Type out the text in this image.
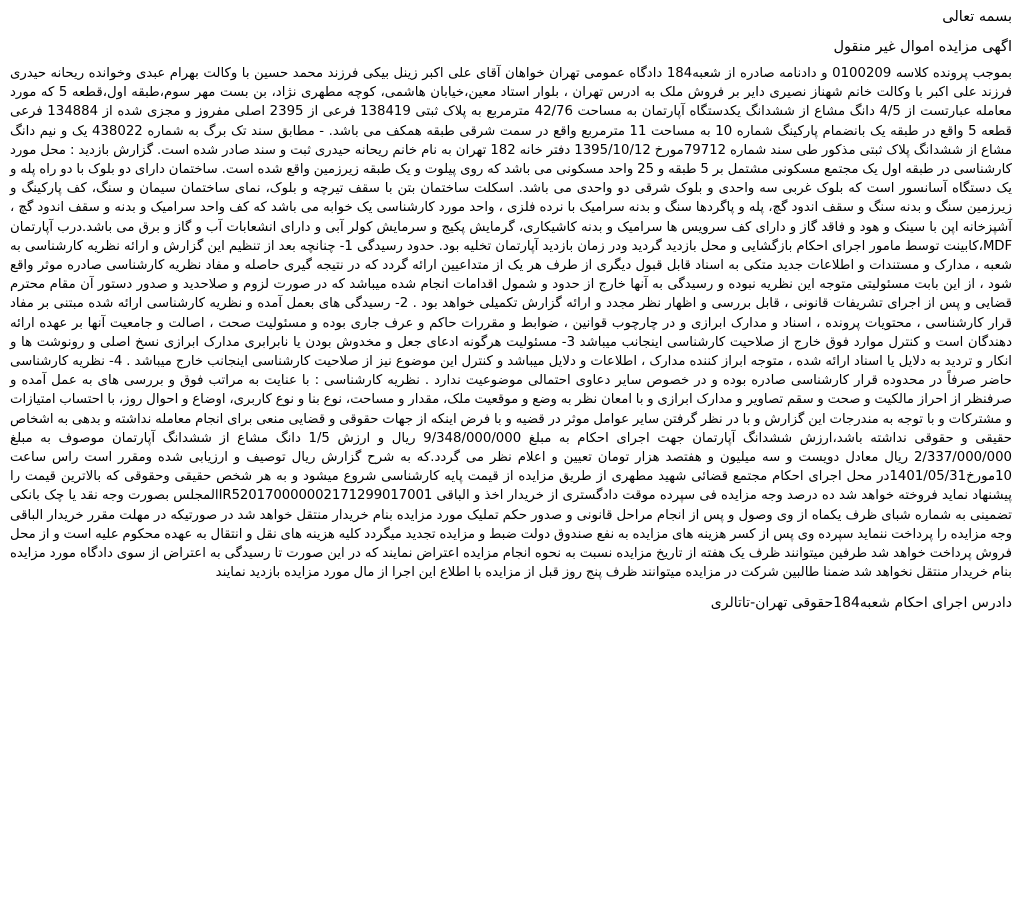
بسمه تعالی

اگهی مزایده اموال غیر منقول

بموجب پرونده کلاسه 0100209 و دادنامه صادره از شعبه184 دادگاه عمومی تهران خواهان آقای علی اکبر زینل بیکی فرزند محمد حسین با وکالت بهرام عبدی وخوانده ریحانه حیدری فرزند علی اکبر با وکالت خانم شهناز نصیری دایر بر فروش ملک به ادرس تهران ، بلوار استاد معین،خیابان هاشمی، کوچه مطهری نژاد، بن بست مهر سوم،طبقه اول،قطعه 5 که مورد معامله عبارتست از 4/5 دانگ مشاع از ششدانگ یکدستگاه آپارتمان به مساحت 42/76 مترمربع به پلاک ثبتی 138419 فرعی از 2395 اصلی مفروز و مجزی شده از 134884 فرعی قطعه 5 واقع در طبقه یک بانضمام پارکینگ شماره 10 به مساحت 11 مترمربع واقع در سمت شرقی طبقه همکف می باشد. - مطابق سند تک برگ به شماره 438022 یک و نیم دانگ مشاع از ششدانگ پلاک ثبتی مذکور طی سند شماره 79712مورخ 1395/10/12 دفتر خانه 182 تهران به نام خانم ریحانه حیدری ثبت و سند صادر شده است. گزارش بازدید : محل مورد کارشناسی در طبقه اول یک مجتمع مسکونی مشتمل بر 5 طبقه و 25 واحد مسکونی می باشد که روی پیلوت و یک طبقه زیرزمین واقع شده است. ساختمان دارای دو بلوک با دو راه پله و یک دستگاه آسانسور است که بلوک غربی سه واحدی و بلوک شرقی دو واحدی می باشد. اسکلت ساختمان بتن با سقف تیرچه و بلوک، نمای ساختمان سیمان و سنگ، کف پارکینگ و زیرزمین سنگ و بدنه سنگ و سقف اندود گچ، پله و پاگردها سنگ و بدنه سرامیک با نرده فلزی ، واحد مورد کارشناسی یک خوابه می باشد که کف واحد سرامیک و بدنه و سقف اندود گچ ، آشپزخانه اپن با سینک و هود و فاقد گاز و دارای کف سرویس ها سرامیک و بدنه کاشیکاری، گرمایش پکیج و سرمایش کولر آبی و دارای انشعابات آب و گاز و برق می باشد.درب آپارتمان MDF،کابینت توسط مامور اجرای احکام بازگشایی و محل بازدید گردید ودر زمان بازدید آپارتمان تخلیه بود. حدود رسیدگی 1- چنانچه بعد از تنظیم این گزارش و ارائه نظریه کارشناسی به شعبه ، مدارک و مستندات و اطلاعات جدید متکی به اسناد قابل قبول دیگری از طرف هر یک از متداعیین ارائه گردد که در نتیجه گیری حاصله و مفاد نظریه کارشناسی صادره موثر واقع شود ، از این بابت مسئولیتی متوجه این نظریه نبوده و رسیدگی به آنها خارج از حدود و شمول اقدامات انجام شده میباشد که در صورت لزوم و صلاحدید و صدور دستور آن مقام محترم قضایی و پس از اجرای تشریفات قانونی ، قابل بررسی و اظهار نظر مجدد و ارائه گزارش تکمیلی خواهد بود . 2- رسیدگی های بعمل آمده و نظریه کارشناسی ارائه شده مبتنی بر مفاد قرار کارشناسی ، محتویات پرونده ، اسناد و مدارک ابرازی و در چارچوب قوانین ، ضوابط و مقررات حاکم و عرف جاری بوده و مسئولیت صحت ، اصالت و جامعیت آنها بر عهده ارائه دهندگان است و کنترل موارد فوق خارج از صلاحیت کارشناسی اینجانب میباشد 3- مسئولیت هرگونه ادعای جعل و مخدوش بودن یا نابرابری مدارک ابرازی نسخ اصلی و رونوشت ها و انکار و تردید به دلایل یا اسناد ارائه شده ، متوجه ابراز کننده مدارک ، اطلاعات و دلایل میباشد و کنترل این موضوع نیز از صلاحیت کارشناسی اینجانب خارج میباشد . 4- نظریه کارشناسی حاضر صرفاً در محدوده قرار کارشناسی صادره بوده و در خصوص سایر دعاوی احتمالی موضوعیت ندارد . نظریه کارشناسی : با عنایت به مراتب فوق و بررسی های به عمل آمده و صرفنظر از احراز مالکیت و صحت و سقم تصاویر و مدارک ابرازی و با امعان نظر به وضع و موقعیت ملک، مقدار و مساحت، نوع بنا و نوع کاربری، اوضاع و احوال روز، با احتساب امتیازات و مشترکات و با توجه به مندرجات این گزارش و با در نظر گرفتن سایر عوامل موثر در قضیه و با فرض اینکه از جهات حقوقی و قضایی منعی برای انجام معامله نداشته و بدهی به اشخاص حقیقی و حقوقی نداشته باشد،ارزش ششدانگ آپارتمان جهت اجرای احکام به مبلغ 9/348/000/000 ریال و ارزش 1/5 دانگ مشاع از ششدانگ آپارتمان موصوف به مبلغ 2/337/000/000 ریال معادل دویست و سه میلیون و هفتصد هزار تومان تعیین و اعلام نظر می گردد.که به شرح گزارش ریال توصیف و ارزیابی شده ومقرر است راس ساعت 10مورخ1401/05/31در محل اجرای احکام مجتمع قضائی شهید مطهری از طریق مزایده از قیمت پایه کارشناسی شروع میشود و به هر شخص حقیقی وحقوقی که بالاترین قیمت را پیشنهاد نماید فروخته خواهد شد ده درصد وجه مزایده فی سپرده موقت دادگستری از خریدار اخذ و الباقی IR520170000002171299017001المجلس بصورت وجه نقد یا چک بانکی تضمینی به شماره شبای ظرف یکماه از وی وصول و پس از انجام مراحل قانونی و صدور حکم تملیک مورد مزایده بنام خریدار منتقل خواهد شد در صورتیکه در مهلت مقرر خریدار الباقی وجه مزایده را پرداخت ننماید سپرده وی پس از کسر هزینه های مزایده به نفع صندوق دولت ضبط و مزایده تجدید میگردد کلیه هزینه های نقل و انتقال به عهده محکوم علیه است و از محل فروش پرداخت خواهد شد طرفین میتوانند ظرف یک هفته از تاریخ مزایده نسبت به نحوه انجام مزایده اعتراض نمایند که در این صورت تا رسیدگی به اعتراض از سوی دادگاه مورد مزایده بنام خریدار منتقل نخواهد شد ضمنا طالبین شرکت در مزایده میتوانند ظرف پنج روز قبل از مزایده با اطلاع این اجرا از مال مورد مزایده بازدید نمایند

دادرس اجرای احکام شعبه184حقوقی تهران-تاتالری
